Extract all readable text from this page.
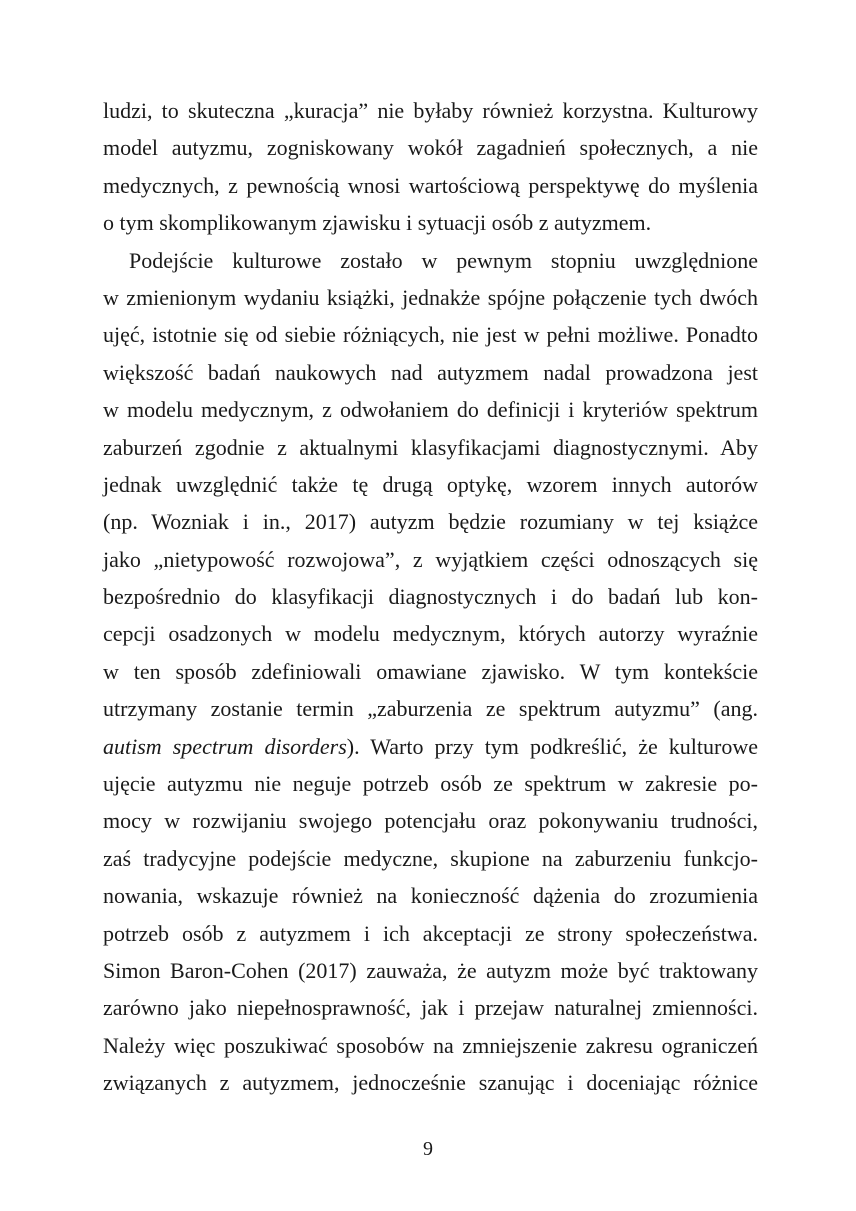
ludzi, to skuteczna „kuracja” nie byłaby również korzystna. Kulturowy
model autyzmu, zogniskowany wokół zagadnień społecznych, a nie
medycznych, z pewnością wnosi wartościową perspektywę do myślenia
o tym skomplikowanym zjawisku i sytuacji osób z autyzmem.
Podejście kulturowe zostało w pewnym stopniu uwzględnione
w zmienionym wydaniu książki, jednakże spójne połączenie tych dwóch
ujęć, istotnie się od siebie różniących, nie jest w pełni możliwe. Ponadto
większość badań naukowych nad autyzmem nadal prowadzona jest
w modelu medycznym, z odwołaniem do definicji i kryteriów spektrum
zaburzeń zgodnie z aktualnymi klasyfikacjami diagnostycznymi. Aby
jednak uwzględnić także tę drugą optykę, wzorem innych autorów
(np. Wozniak i in., 2017) autyzm będzie rozumiany w tej książce
jako „nietypowość rozwojowa”, z wyjątkiem części odnoszących się
bezpośrednio do klasyfikacji diagnostycznych i do badań lub kon-
cepcji osadzonych w modelu medycznym, których autorzy wyraźnie
w ten sposób zdefiniowali omawiane zjawisko. W tym kontekście
utrzymany zostanie termin „zaburzenia ze spektrum autyzmu” (ang.
autism spectrum disorders). Warto przy tym podkreślić, że kulturowe
ujęcie autyzmu nie neguje potrzeb osób ze spektrum w zakresie po-
mocy w rozwijaniu swojego potencjału oraz pokonywaniu trudności,
zaś tradycyjne podejście medyczne, skupione na zaburzeniu funkcjo-
nowania, wskazuje również na konieczność dążenia do zrozumienia
potrzeb osób z autyzmem i ich akceptacji ze strony społeczeństwa.
Simon Baron-Cohen (2017) zauważa, że autyzm może być traktowany
zarówno jako niepełnosprawność, jak i przejaw naturalnej zmienności.
Należy więc poszukiwać sposobów na zmniejszenie zakresu ograniczeń
związanych z autyzmem, jednocześnie szanując i doceniając różnice
9
